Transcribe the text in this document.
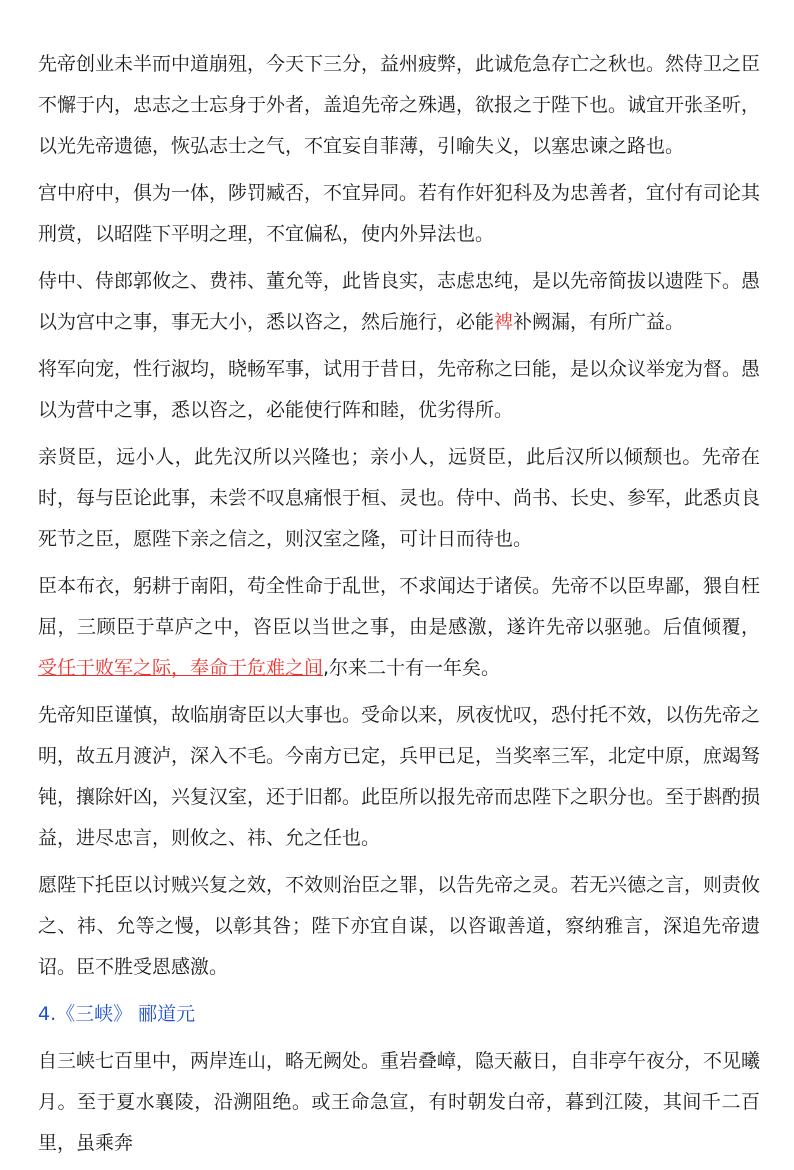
先帝创业未半而中道崩殂，今天下三分，益州疲弊，此诚危急存亡之秋也。然侍卫之臣不懈于内，忠志之士忘身于外者，盖追先帝之殊遇，欲报之于陛下也。诚宜开张圣听，以光先帝遗德，恢弘志士之气，不宜妄自菲薄，引喻失义，以塞忠谏之路也。

宫中府中，俱为一体，陟罚臧否，不宜异同。若有作奸犯科及为忠善者，宜付有司论其刑赏，以昭陛下平明之理，不宜偏私，使内外异法也。

侍中、侍郎郭攸之、费祎、董允等，此皆良实，志虑忠纯，是以先帝简拔以遗陛下。愚以为宫中之事，事无大小，悉以咨之，然后施行，必能裨补阙漏，有所广益。

将军向宠，性行淑均，晓畅军事，试用于昔日，先帝称之曰能，是以众议举宠为督。愚以为营中之事，悉以咨之，必能使行阵和睦，优劣得所。

亲贤臣，远小人，此先汉所以兴隆也；亲小人，远贤臣，此后汉所以倾颓也。先帝在时，每与臣论此事，未尝不叹息痛恨于桓、灵也。侍中、尚书、长史、参军，此悉贞良死节之臣，愿陛下亲之信之，则汉室之隆，可计日而待也。

臣本布衣，躬耕于南阳，苟全性命于乱世，不求闻达于诸侯。先帝不以臣卑鄙，猥自枉屈，三顾臣于草庐之中，咨臣以当世之事，由是感激，遂许先帝以驱驰。后值倾覆，受任于败军之际，奉命于危难之间,尔来二十有一年矣。

先帝知臣谨慎，故临崩寄臣以大事也。受命以来，夙夜忧叹，恐付托不效，以伤先帝之明，故五月渡泸，深入不毛。今南方已定，兵甲已足，当奖率三军，北定中原，庶竭驽钝，攘除奸凶，兴复汉室，还于旧都。此臣所以报先帝而忠陛下之职分也。至于斟酌损益，进尽忠言，则攸之、祎、允之任也。

愿陛下托臣以讨贼兴复之效，不效则治臣之罪，以告先帝之灵。若无兴德之言，则责攸之、祎、允等之慢，以彰其咎；陛下亦宜自谋，以咨诹善道，察纳雅言，深追先帝遗诏。臣不胜受恩感激。

4.《三峡》 郦道元

自三峡七百里中，两岸连山，略无阙处。重岩叠嶂，隐天蔽日，自非亭午夜分，不见曦月。至于夏水襄陵，沿溯阻绝。或王命急宣，有时朝发白帝，暮到江陵，其间千二百里，虽乘奔
